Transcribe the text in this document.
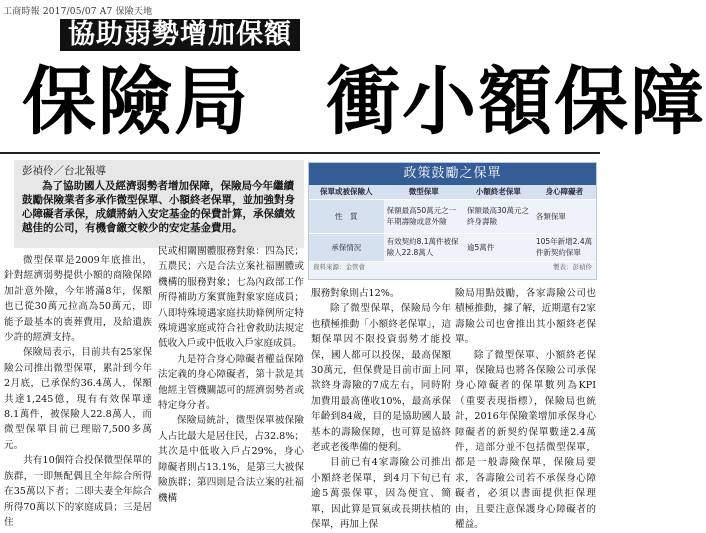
工商時報 2017/05/07 A7 保險天地
協助弱勢增加保額
保險局　衝小額保障
彭禎伶／台北報導
為了協助國人及經濟弱勢者增加保障，保險局今年繼續鼓勵保險業者多承作微型保單、小額終老保單，並加強對身心障礙者承保，成績將納入安定基金的保費計算，承保績效越佳的公司，有機會繳交較少的安定基金費用。
政策鼓勵之保單
保單或被保險人	微型保單	小額終老保單	身心障礙者
性　質	保額最高50萬元之一年期壽險或意外險	保額最高30萬元之終身壽險	各類保單
承保情況	有效契約8.1萬件被保險人22.8萬人	逾5萬件	105年新增2.4萬件新契約保單
資料來源：金管會	製表：彭禎伶

微型保單是2009年底推出，針對經濟弱勢提供小額的商險保障加計意外險，今年將滿8年，保額也已從30萬元拉高為50萬元，即能予最基本的喪葬費用，及給遺族少許的經濟支持。

保險局表示，目前共有25家保險公司推出微型保單，累計到今年2月底，已承保約36.4萬人，保額共達1,245億，現有有效保單達8.1萬件，被保險人22.8萬人，而微型保單目前已理賠7,500多萬元。

共有10個符合投保微型保單的族群，一即無配偶且全年綜合所得在35萬以下者；二即夫妻全年綜合所得70萬以下的家庭成員；三是居住

民或相關團體服務對象：四為民；五農民；六是合法立案社福團體或機構的服務對象；七為內政部工作所得補助方案實施對象家庭成員；八即特殊境遇家庭扶助條例所定特殊境遇家庭或符合社會救助法規定低收入戶或中低收入戶家庭成員。

九是符合身心障礙者權益保障法定義的身心障礙者，第十款是其他經主管機關認可的經濟弱勢者或特定身分者。

保險局統計，微型保單被保險人占比最大是居住民，占32.8%；其次是中低收入戶占29%，身心障礙者則占13.1%，是第三大被保險族群；第四則是合法立案的社福機構

服務對象則占12%。

除了微型保單，保險局今年也積極推動「小額終老保單」，這類保單因不限投資弱勢才能投保，國人都可以投保，最高保額30萬元，但保費是目前市面上同款終身壽險的7成左右，同時附加費用最高僅收10%，最高承保年齡到84歲，目的是協助國人最基本的壽險保障，也可算是協終老或老後準備的便利。

目前已有4家壽險公司推出小額終老保單，到4月下旬已有逾5萬張保單，因為便宜、簡單，因此算是買氣或長期扶植的保單，再加上保

險局用點鼓勵，各家壽險公司也積極推動，據了解，近期還有2家壽險公司也會推出其小額終老保單。

除了微型保單、小額終老保單，保險局也將各保險公司承保身心障礙者的保單數列為KPI（重要表現指標），保險局也統計，2016年保險業增加承保身心障礙者的新契約保單數達2.4萬件，這部分並不包括微型保單，都是一般壽險保單，保險局要求，各壽險公司若不承保身心障礙者，必須以書面提供拒保理由，且要注意保護身心障礙者的權益。
